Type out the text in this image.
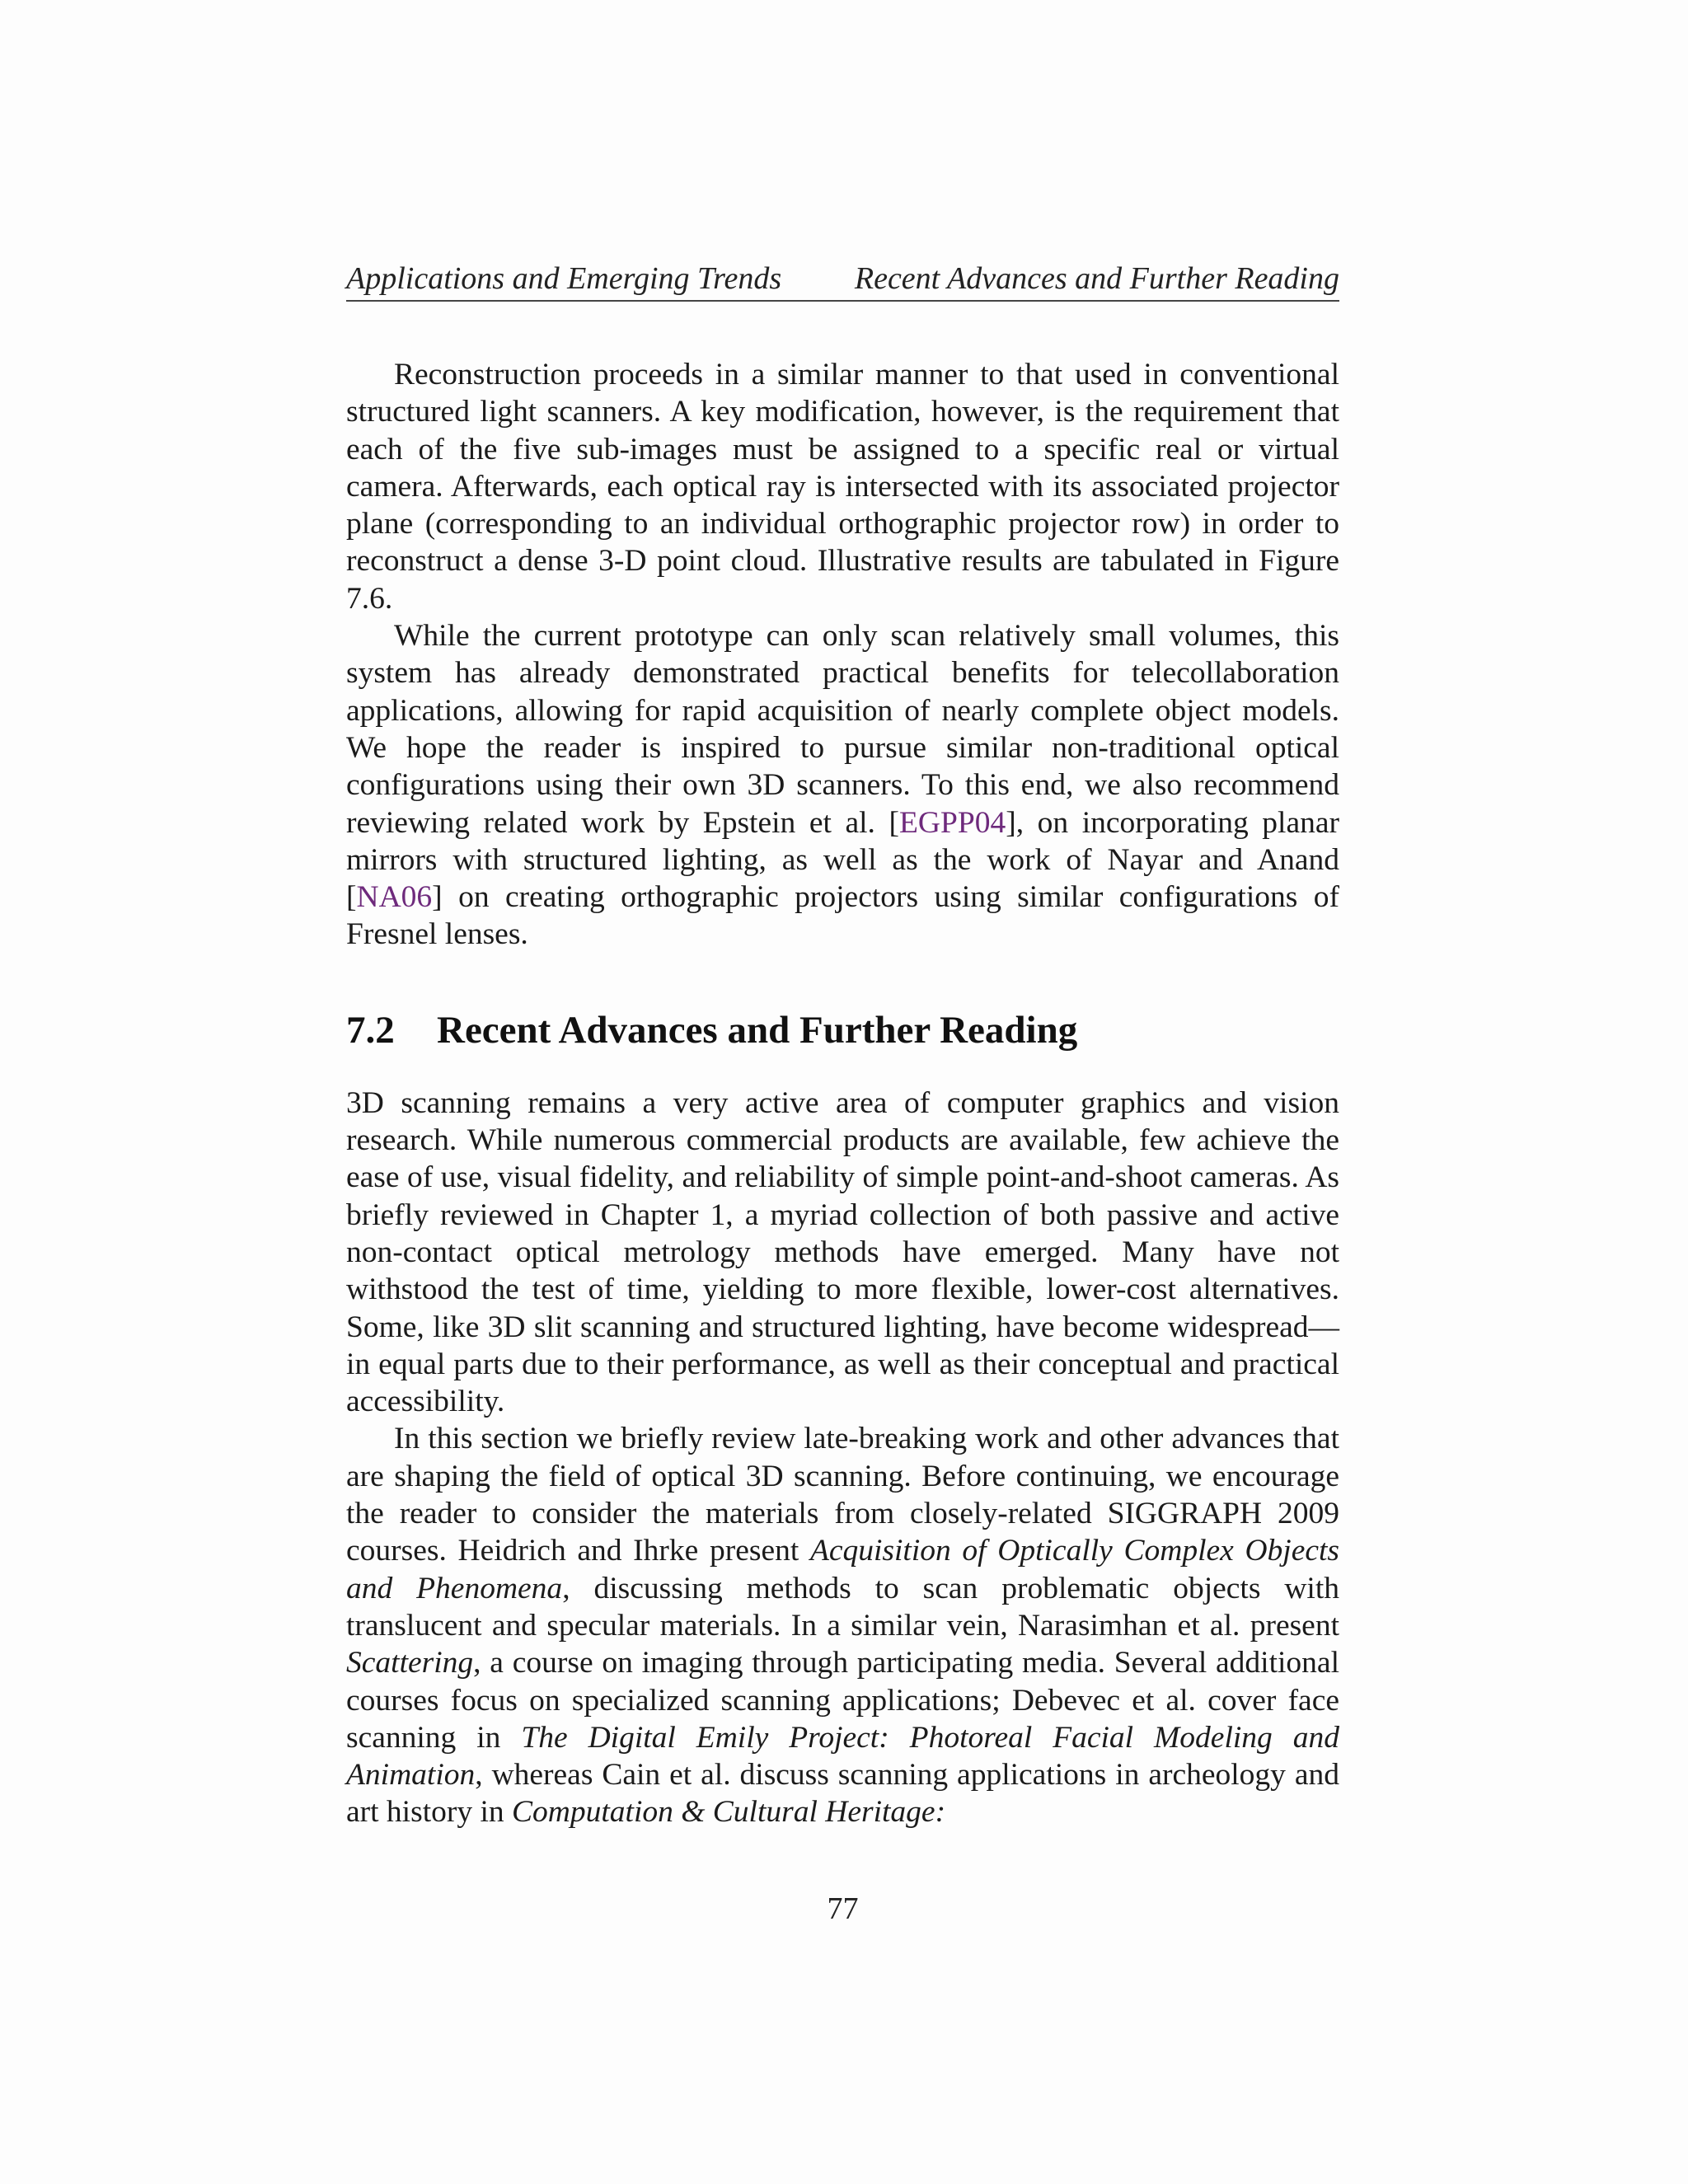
Applications and Emerging Trends Recent Advances and Further Reading

Reconstruction proceeds in a similar manner to that used in conventional structured light scanners. A key modification, however, is the requirement that each of the five sub-images must be assigned to a specific real or virtual camera. Afterwards, each optical ray is intersected with its associated projector plane (corresponding to an individual orthographic projector row) in order to reconstruct a dense 3-D point cloud. Illustrative results are tabulated in Figure 7.6.

While the current prototype can only scan relatively small volumes, this system has already demonstrated practical benefits for telecollaboration applications, allowing for rapid acquisition of nearly complete object models. We hope the reader is inspired to pursue similar non-traditional optical configurations using their own 3D scanners. To this end, we also recommend reviewing related work by Epstein et al. [EGPP04], on incorporating planar mirrors with structured lighting, as well as the work of Nayar and Anand [NA06] on creating orthographic projectors using similar configurations of Fresnel lenses.

7.2 Recent Advances and Further Reading

3D scanning remains a very active area of computer graphics and vision research. While numerous commercial products are available, few achieve the ease of use, visual fidelity, and reliability of simple point-and-shoot cameras. As briefly reviewed in Chapter 1, a myriad collection of both passive and active non-contact optical metrology methods have emerged. Many have not withstood the test of time, yielding to more flexible, lower-cost alternatives. Some, like 3D slit scanning and structured lighting, have become widespread—in equal parts due to their performance, as well as their conceptual and practical accessibility.

In this section we briefly review late-breaking work and other advances that are shaping the field of optical 3D scanning. Before continuing, we encourage the reader to consider the materials from closely-related SIGGRAPH 2009 courses. Heidrich and Ihrke present Acquisition of Optically Complex Objects and Phenomena, discussing methods to scan problematic objects with translucent and specular materials. In a similar vein, Narasimhan et al. present Scattering, a course on imaging through participating media. Several additional courses focus on specialized scanning applications; Debevec et al. cover face scanning in The Digital Emily Project: Photoreal Facial Modeling and Animation, whereas Cain et al. discuss scanning applications in archeology and art history in Computation & Cultural Heritage:

77
